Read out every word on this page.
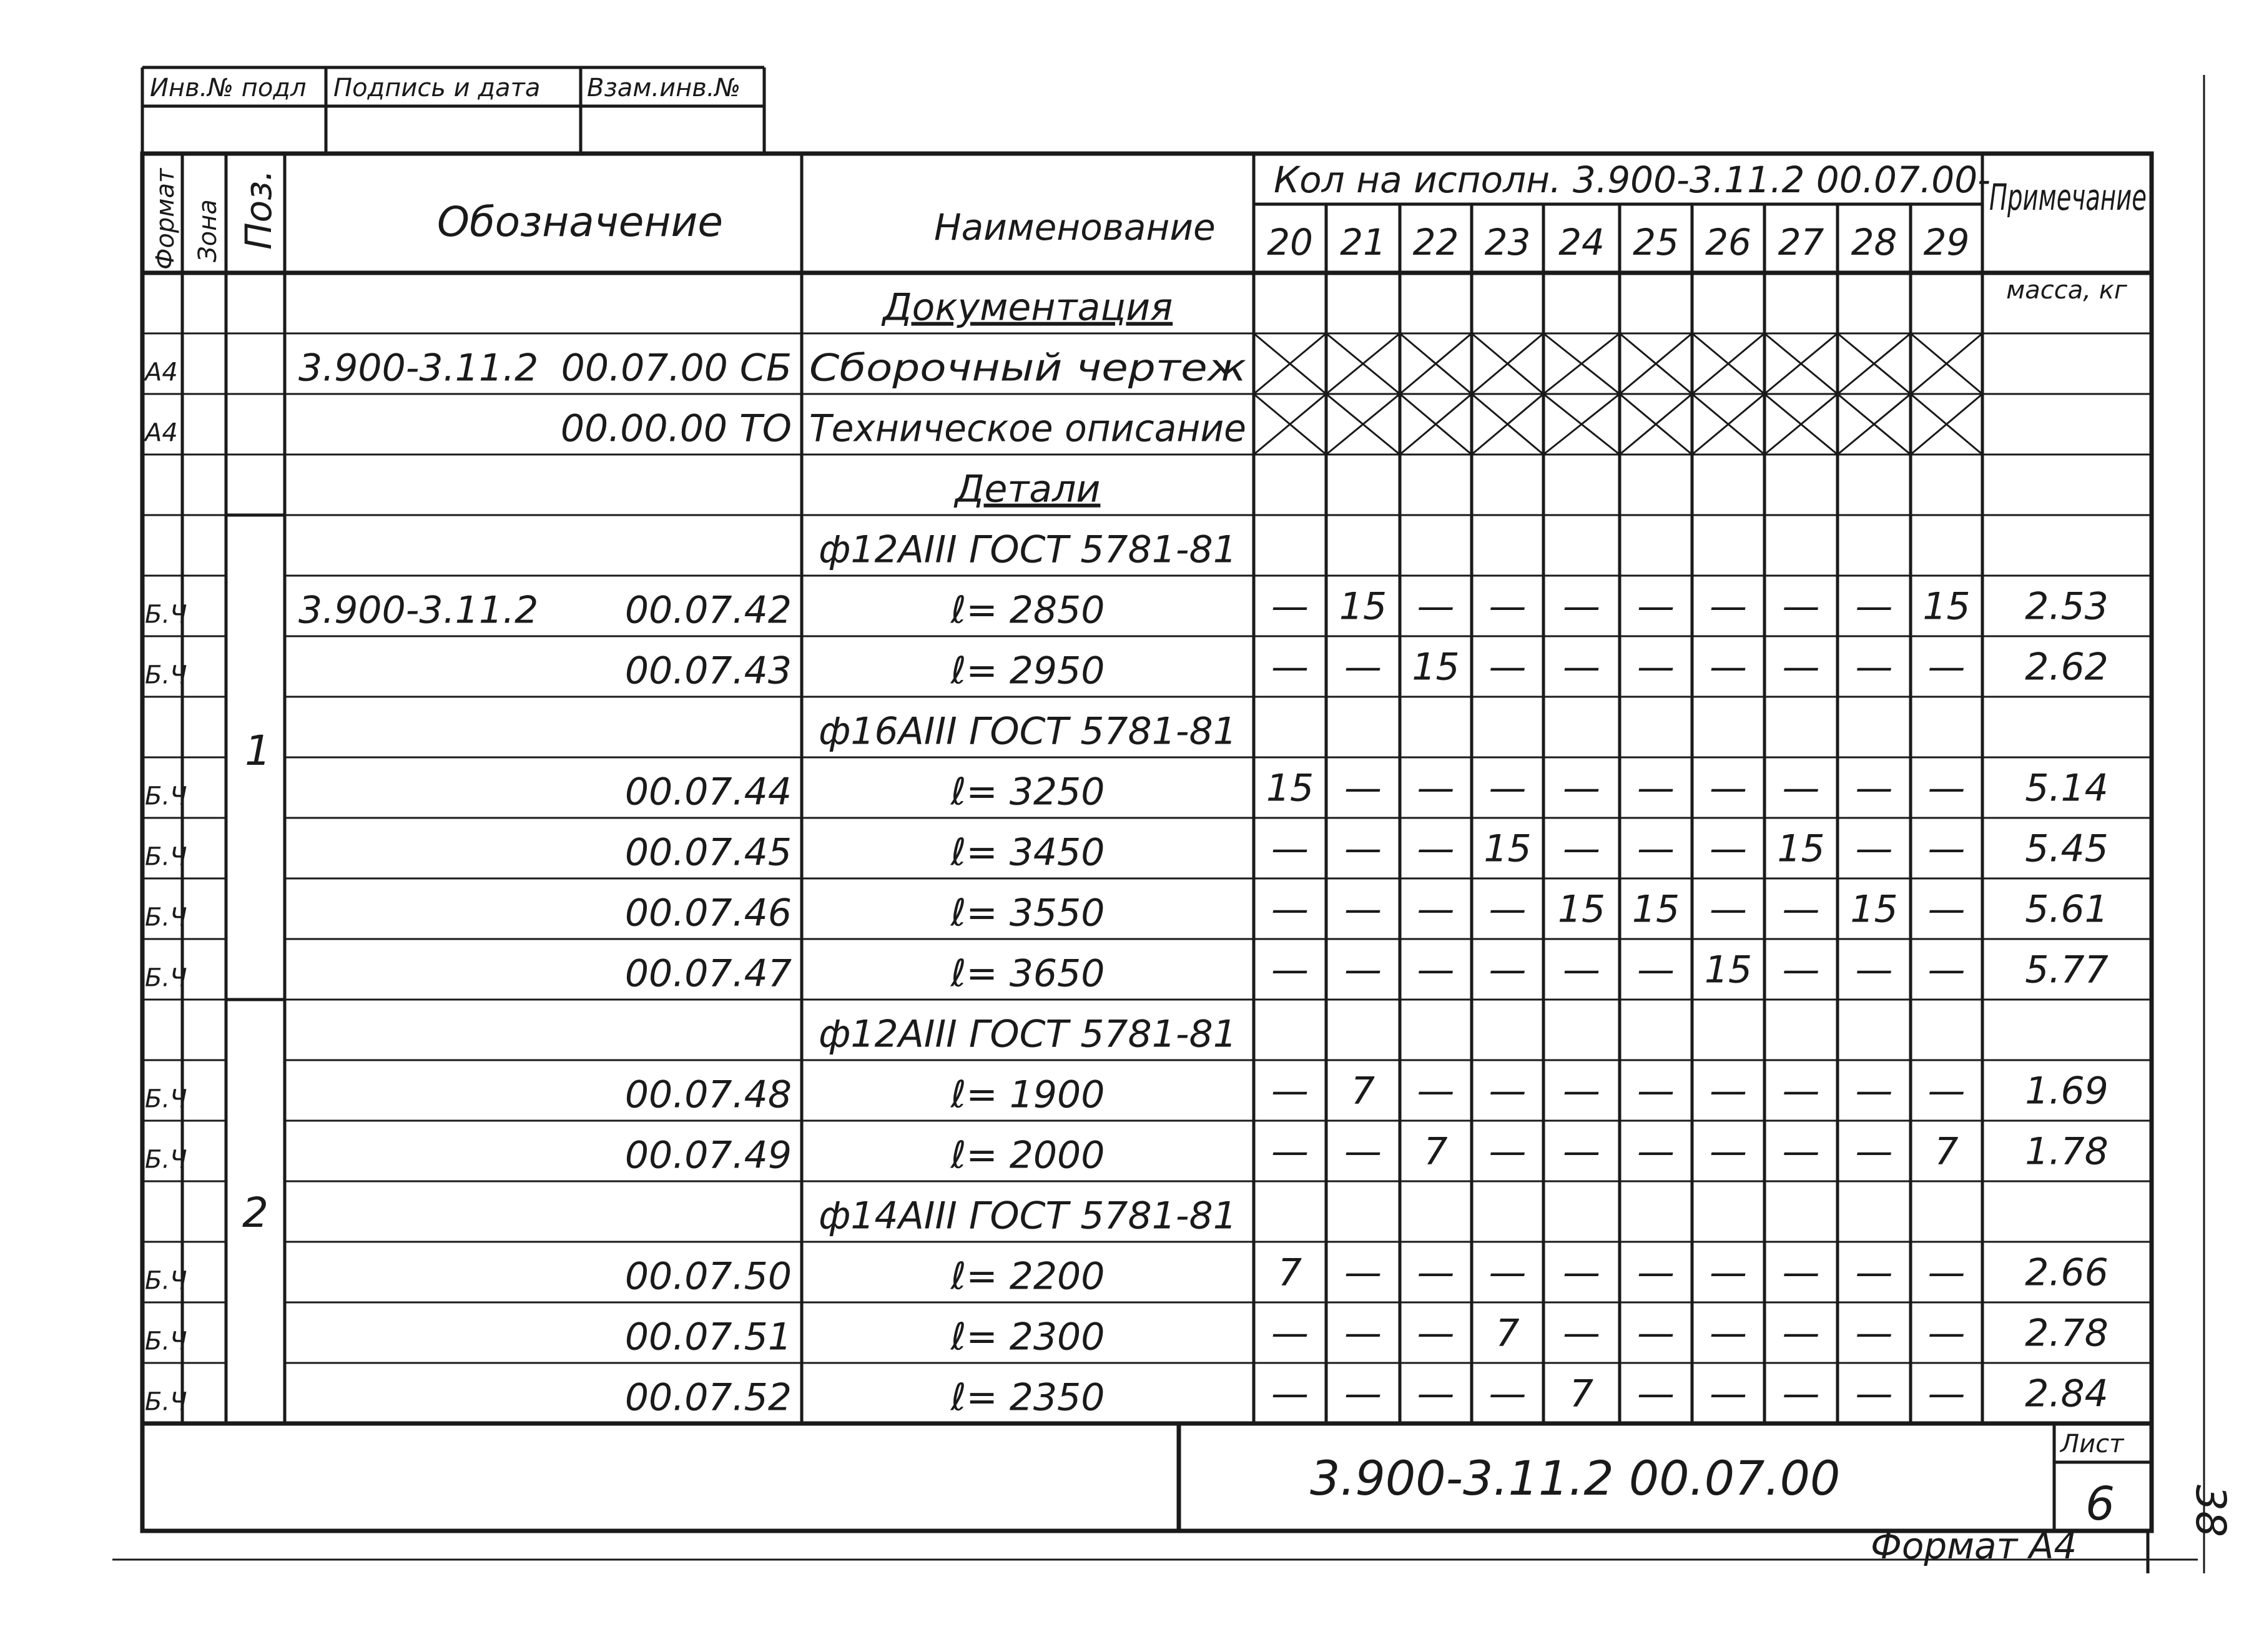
Инв.№ подл Подпись и дата Взам.инв.№
Формат Зона Поз.	Обозначение	Наименование
Кол на исполн. 3.900-3.11.2 00.07.00-
Примечание
20 21 22 23 24 25 26 27 28 29
масса, кг
Документация
А4	3.900-3.11.2 00.07.00 СБ Сборочный чертеж
А4	00.00.00 ТО Техническое описание
Детали
ф12АIII ГОСТ 5781-81
Б.Ч	3.900-3.11.2 00.07.42	ℓ= 2850	— 15 — — — — — — — 15 2.53
Б.Ч	00.07.43	ℓ= 2950	— — 15 — — — — — — — 2.62
ф16АIII ГОСТ 5781-81
Б.Ч	00.07.44	ℓ= 3250	15 — — — — — — — — — 5.14
Б.Ч	00.07.45	ℓ= 3450	— — — 15 — — — 15 — — 5.45
Б.Ч	00.07.46	ℓ= 3550	— — — — 15 15 — — 15 — 5.61
Б.Ч	00.07.47	ℓ= 3650	— — — — — — 15 — — — 5.77
ф12АIII ГОСТ 5781-81
Б.Ч	00.07.48	ℓ= 1900	— 7 — — — — — — — — 1.69
Б.Ч	00.07.49	ℓ= 2000	— — 7 — — — — — — 7 1.78
ф14АIII ГОСТ 5781-81
Б.Ч	00.07.50	ℓ= 2200	7 — — — — — — — — — 2.66
Б.Ч	00.07.51	ℓ= 2300	— — — 7 — — — — — — 2.78
Б.Ч	00.07.52	ℓ= 2350	— — — — 7 — — — — — 2.84
1
2
3.900-3.11.2 00.07.00
Лист
6
Формат А4
38
